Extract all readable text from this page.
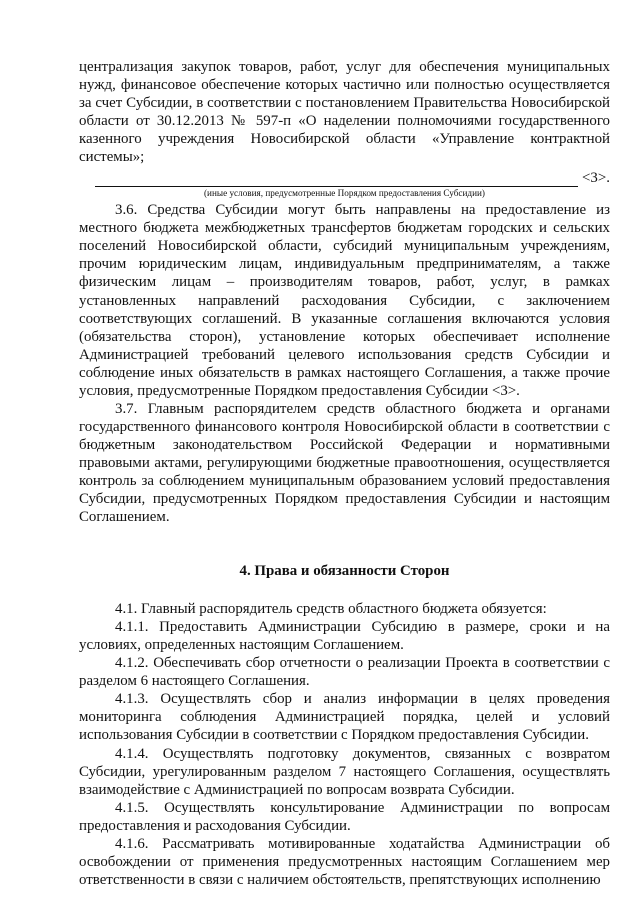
централизация закупок товаров, работ, услуг для обеспечения муниципальных нужд, финансовое обеспечение которых частично или полностью осуществляется за счет Субсидии, в соответствии с постановлением Правительства Новосибирской области от 30.12.2013 № 597-п «О наделении полномочиями государственного казенного учреждения Новосибирской области «Управление контрактной системы»;

<3>.
(иные условия, предусмотренные Порядком предоставления Субсидии)

3.6. Средства Субсидии могут быть направлены на предоставление из местного бюджета межбюджетных трансфертов бюджетам городских и сельских поселений Новосибирской области, субсидий муниципальным учреждениям, прочим юридическим лицам, индивидуальным предпринимателям, а также физическим лицам – производителям товаров, работ, услуг, в рамках установленных направлений расходования Субсидии, с заключением соответствующих соглашений. В указанные соглашения включаются условия (обязательства сторон), установление которых обеспечивает исполнение Администрацией требований целевого использования средств Субсидии и соблюдение иных обязательств в рамках настоящего Соглашения, а также прочие условия, предусмотренные Порядком предоставления Субсидии <3>.

3.7. Главным распорядителем средств областного бюджета и органами государственного финансового контроля Новосибирской области в соответствии с бюджетным законодательством Российской Федерации и нормативными правовыми актами, регулирующими бюджетные правоотношения, осуществляется контроль за соблюдением муниципальным образованием условий предоставления Субсидии, предусмотренных Порядком предоставления Субсидии и настоящим Соглашением.

4. Права и обязанности Сторон

4.1. Главный распорядитель средств областного бюджета обязуется:

4.1.1. Предоставить Администрации Субсидию в размере, сроки и на условиях, определенных настоящим Соглашением.

4.1.2. Обеспечивать сбор отчетности о реализации Проекта в соответствии с разделом 6 настоящего Соглашения.

4.1.3. Осуществлять сбор и анализ информации в целях проведения мониторинга соблюдения Администрацией порядка, целей и условий использования Субсидии в соответствии с Порядком предоставления Субсидии.

4.1.4. Осуществлять подготовку документов, связанных с возвратом Субсидии, урегулированным разделом 7 настоящего Соглашения, осуществлять взаимодействие с Администрацией по вопросам возврата Субсидии.

4.1.5. Осуществлять консультирование Администрации по вопросам предоставления и расходования Субсидии.

4.1.6. Рассматривать мотивированные ходатайства Администрации об освобождении от применения предусмотренных настоящим Соглашением мер ответственности в связи с наличием обстоятельств, препятствующих исполнению
